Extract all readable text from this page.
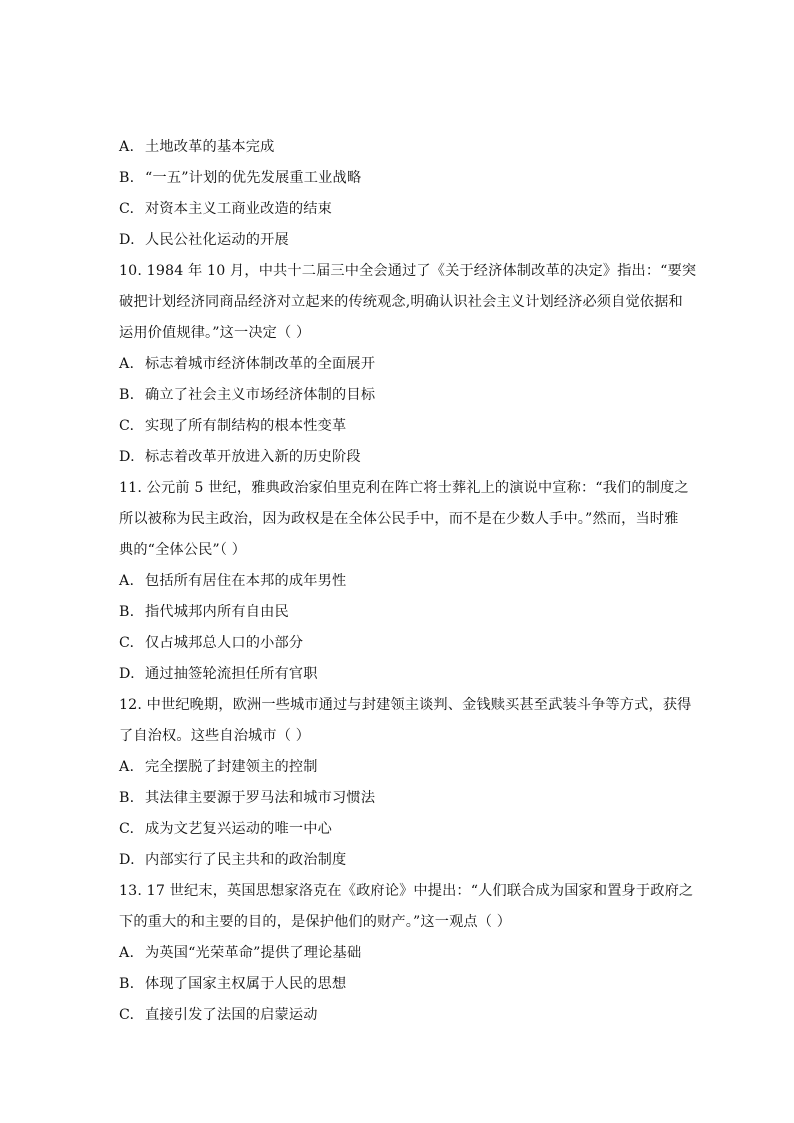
A. 土地改革的基本完成
B. “一五”计划的优先发展重工业战略
C. 对资本主义工商业改造的结束
D. 人民公社化运动的开展
10. 1984 年 10 月，中共十二届三中全会通过了《关于经济体制改革的决定》指出：“要突
破把计划经济同商品经济对立起来的传统观念,明确认识社会主义计划经济必须自觉依据和
运用价值规律。”这一决定（ ）
A. 标志着城市经济体制改革的全面展开
B. 确立了社会主义市场经济体制的目标
C. 实现了所有制结构的根本性变革
D. 标志着改革开放进入新的历史阶段
11. 公元前 5 世纪，雅典政治家伯里克利在阵亡将士葬礼上的演说中宣称：“我们的制度之
所以被称为民主政治，因为政权是在全体公民手中，而不是在少数人手中。”然而，当时雅
典的“全体公民”（ ）
A. 包括所有居住在本邦的成年男性
B. 指代城邦内所有自由民
C. 仅占城邦总人口的小部分
D. 通过抽签轮流担任所有官职
12. 中世纪晚期，欧洲一些城市通过与封建领主谈判、金钱赎买甚至武装斗争等方式，获得
了自治权。这些自治城市（ ）
A. 完全摆脱了封建领主的控制
B. 其法律主要源于罗马法和城市习惯法
C. 成为文艺复兴运动的唯一中心
D. 内部实行了民主共和的政治制度
13. 17 世纪末，英国思想家洛克在《政府论》中提出：“人们联合成为国家和置身于政府之
下的重大的和主要的目的，是保护他们的财产。”这一观点（ ）
A. 为英国“光荣革命”提供了理论基础
B. 体现了国家主权属于人民的思想
C. 直接引发了法国的启蒙运动
